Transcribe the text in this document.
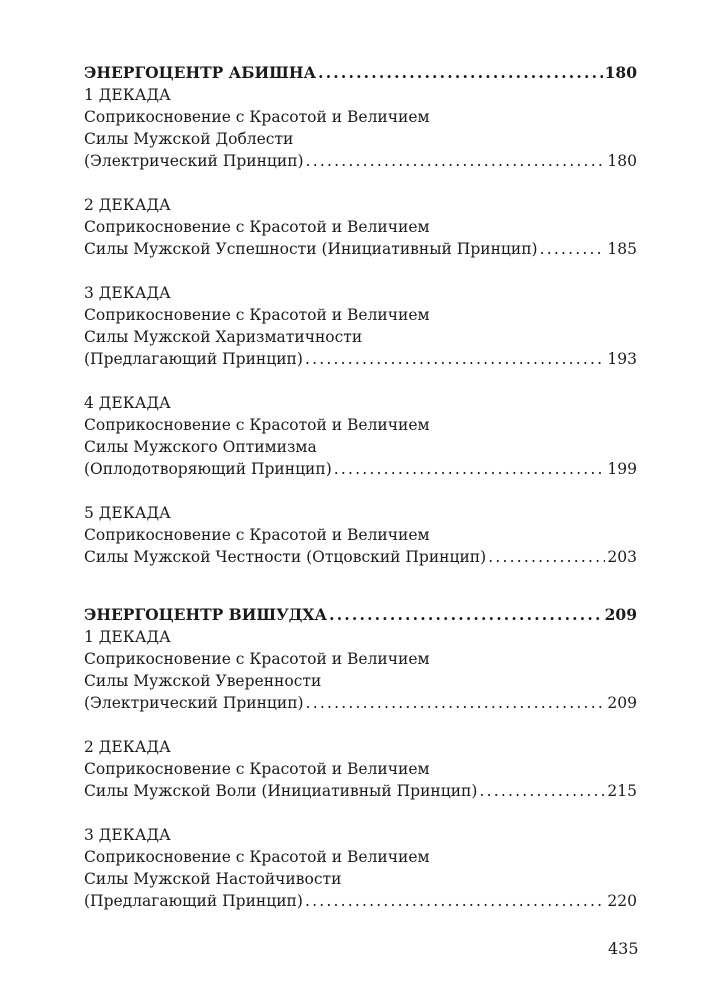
ЭНЕРГОЦЕНТР АБИШНА .....	180
1 ДЕКАДА
Соприкосновение с Красотой и Величием
Силы Мужской Доблести
(Электрический Принцип) .....	180
2 ДЕКАДА
Соприкосновение с Красотой и Величием
Силы Мужской Успешности (Инициативный Принцип) .....	185
3 ДЕКАДА
Соприкосновение с Красотой и Величием
Силы Мужской Харизматичности
(Предлагающий Принцип) .....	193
4 ДЕКАДА
Соприкосновение с Красотой и Величием
Силы Мужского Оптимизма
(Оплодотворяющий Принцип) .....	199
5 ДЕКАДА
Соприкосновение с Красотой и Величием
Силы Мужской Честности (Отцовский Принцип) .....	203
ЭНЕРГОЦЕНТР ВИШУДХА .....	209
1 ДЕКАДА
Соприкосновение с Красотой и Величием
Силы Мужской Уверенности
(Электрический Принцип) .....	209
2 ДЕКАДА
Соприкосновение с Красотой и Величием
Силы Мужской Воли (Инициативный Принцип) .....	215
3 ДЕКАДА
Соприкосновение с Красотой и Величием
Силы Мужской Настойчивости
(Предлагающий Принцип) .....	220
435
